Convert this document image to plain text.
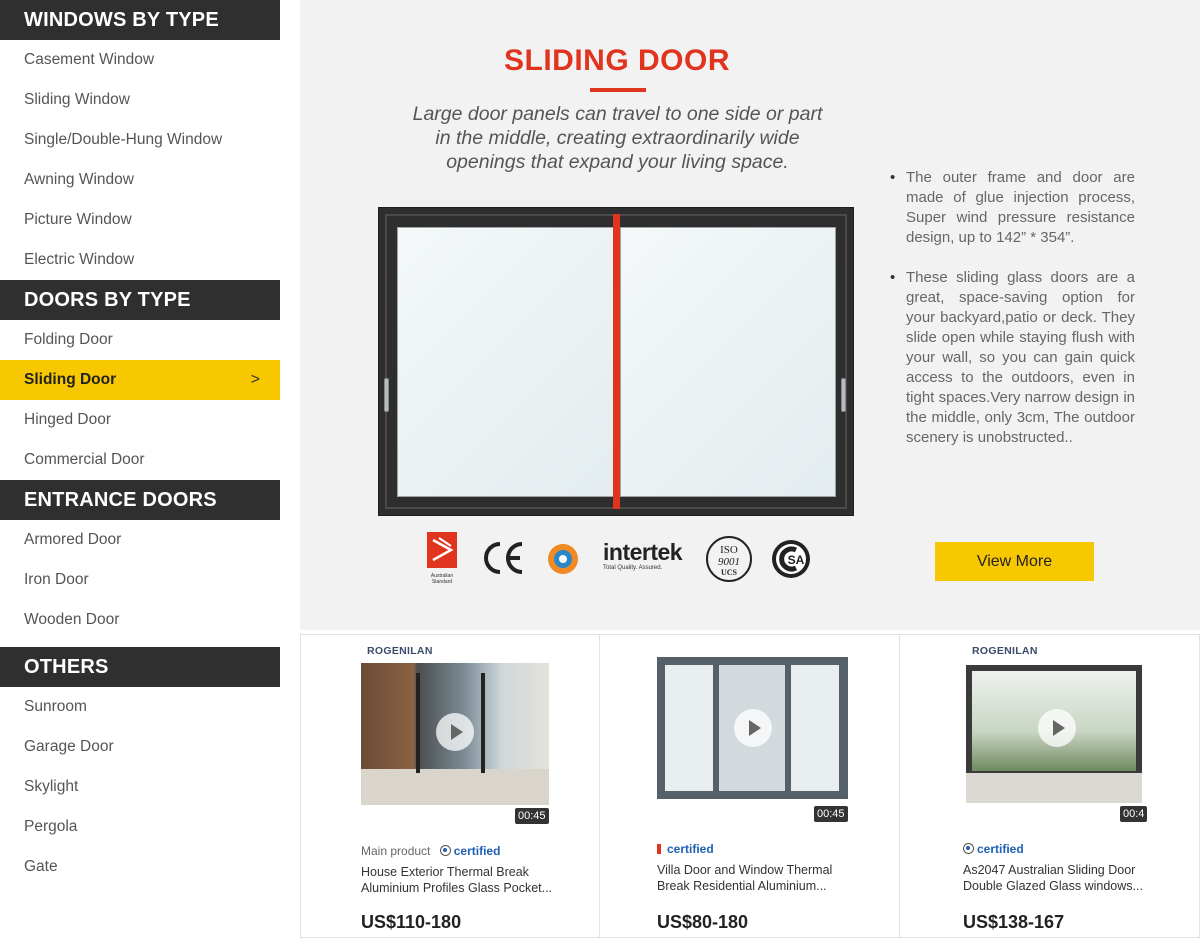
WINDOWS BY TYPE
Casement Window
Sliding Window
Single/Double-Hung Window
Awning Window
Picture Window
Electric Window
DOORS BY TYPE
Folding Door
Sliding Door	>
Hinged Door
Commercial Door
ENTRANCE DOORS
Armored Door
Iron Door
Wooden Door
OTHERS
Sunroom
Garage Door
Skylight
Pergola
Gate
SLIDING DOOR
Large door panels can travel to one side or part
in the middle, creating extraordinarily wide
openings that expand your living space.
• The outer frame and door are made of glue injection process, Super wind pressure resistance design, up to 142” * 354”.
• These sliding glass doors are a great, space-saving option for your backyard,patio or deck. They slide open while staying flush with your wall, so you can gain quick access to the outdoors, even in tight spaces.Very narrow design in the middle, only 3cm, The outdoor scenery is unobstructed..
Australian
Standard
intertek
Total Quality. Assured.
ISO
9001
UCS
SA	View More
ROGENILAN
00:45
Main product certified
House Exterior Thermal Break
Aluminium Profiles Glass Pocket...
US$110-180
00:45
certified
Villa Door and Window Thermal
Break Residential Aluminium...
US$80-180
ROGENILAN
00:4
certified
As2047 Australian Sliding Door
Double Glazed Glass windows...
US$138-167
